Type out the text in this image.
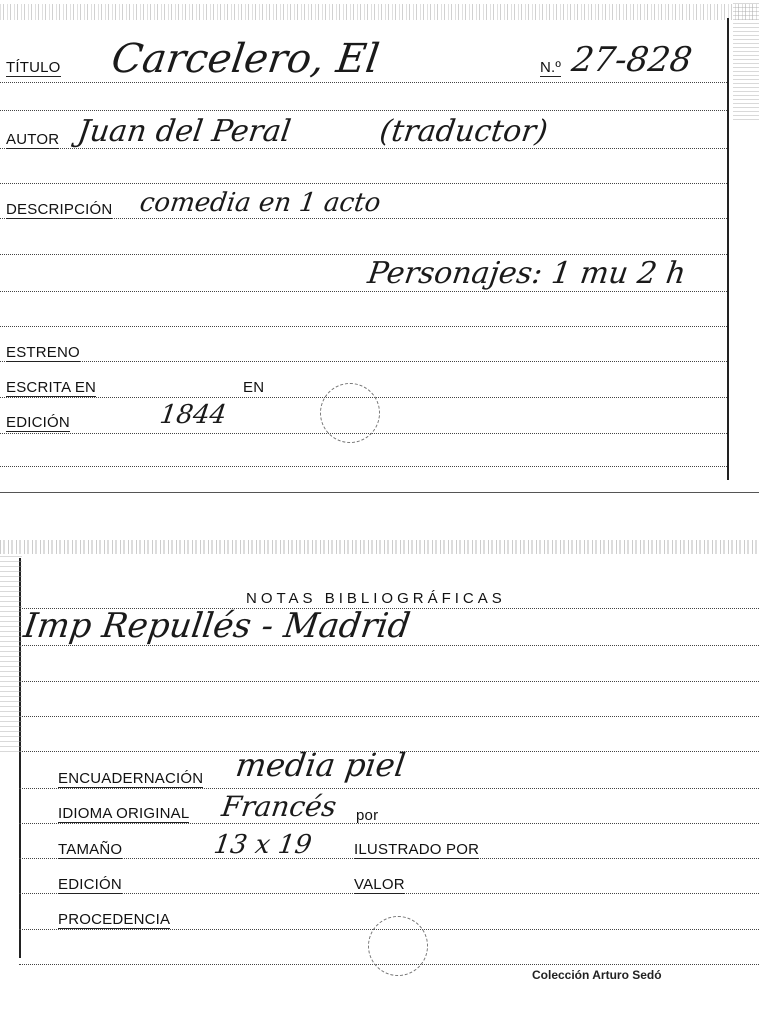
TÍTULO Carcelero, El	N.º 27-828
AUTOR Juan del Peral	(traductor)
DESCRIPCIÓN comedia en 1 acto
Personajes: 1 mu 2 h
ESTRENO
ESCRITA EN	EN
EDICIÓN	1844
NOTAS BIBLIOGRÁFICAS
Imp Repullés - Madrid
ENCUADERNACIÓN media piel
IDIOMA ORIGINAL Francés por
TAMAÑO	13 x 19	ILUSTRADO POR
EDICIÓN	VALOR
PROCEDENCIA
Colección Arturo Sedó
